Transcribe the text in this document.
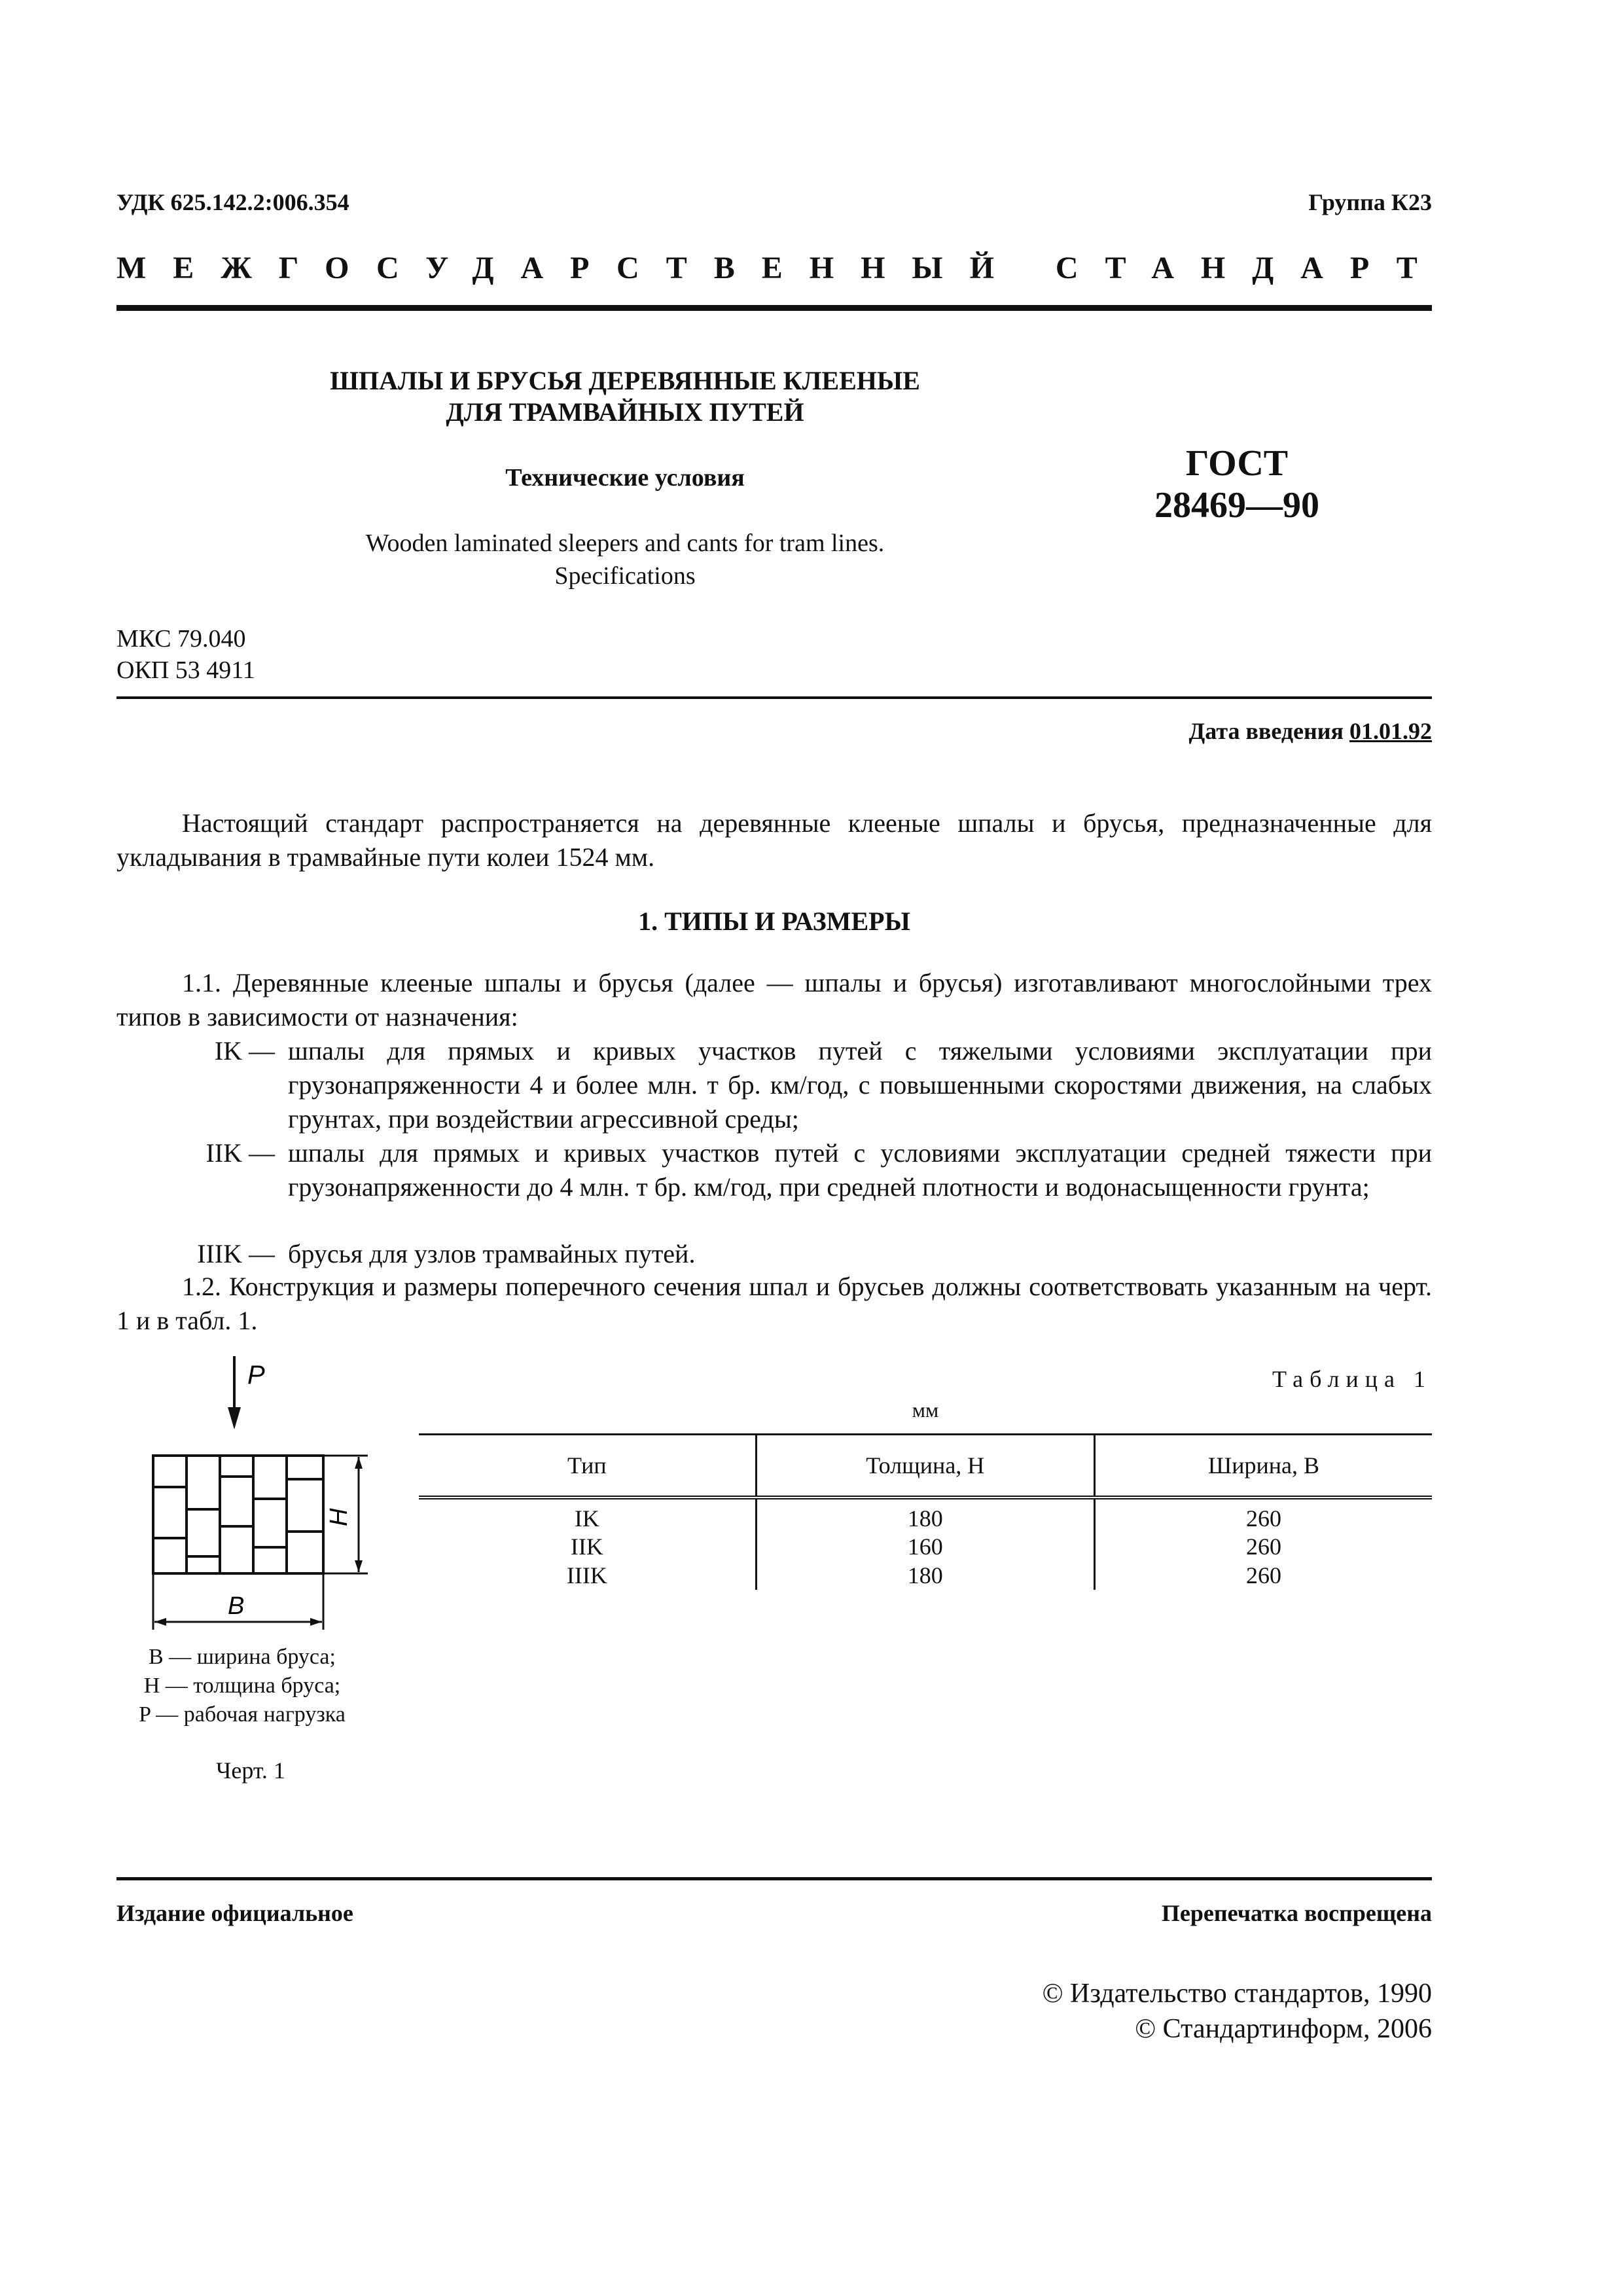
УДК 625.142.2:006.354	Группа К23
МЕЖГОСУДАРСТВЕННЫЙ СТАНДАРТ
ШПАЛЫ И БРУСЬЯ ДЕРЕВЯННЫЕ КЛЕЕНЫЕ
ДЛЯ ТРАМВАЙНЫХ ПУТЕЙ
Технические условия
Wooden laminated sleepers and cants for tram lines.
Specifications
ГОСТ
28469—90
МКС 79.040
ОКП 53 4911
Дата введения 01.01.92
Настоящий стандарт распространяется на деревянные клееные шпалы и брусья, предназначенные для укладывания в трамвайные пути колеи 1524 мм.
1. ТИПЫ И РАЗМЕРЫ
1.1. Деревянные клееные шпалы и брусья (далее — шпалы и брусья) изготавливают многослойными трех типов в зависимости от назначения:
IK — шпалы для прямых и кривых участков путей с тяжелыми условиями эксплуатации при грузонапряженности 4 и более млн. т бр. км/год, с повышенными скоростями движения, на слабых грунтах, при воздействии агрессивной среды;
IIK — шпалы для прямых и кривых участков путей с условиями эксплуатации средней тяжести при грузонапряженности до 4 млн. т бр. км/год, при средней плотности и водонасыщенности грунта;
IIIK — брусья для узлов трамвайных путей.
1.2. Конструкция и размеры поперечного сечения шпал и брусьев должны соответствовать указанным на черт. 1 и в табл. 1.
P
H
B
B — ширина бруса;
H — толщина бруса;
P — рабочая нагрузка
Черт. 1
Таблица 1
мм
Тип	Толщина, H	Ширина, B
IK	180	260
IIK	160	260
IIIK	180	260
Издание официальное	Перепечатка воспрещена
© Издательство стандартов, 1990
© Стандартинформ, 2006
